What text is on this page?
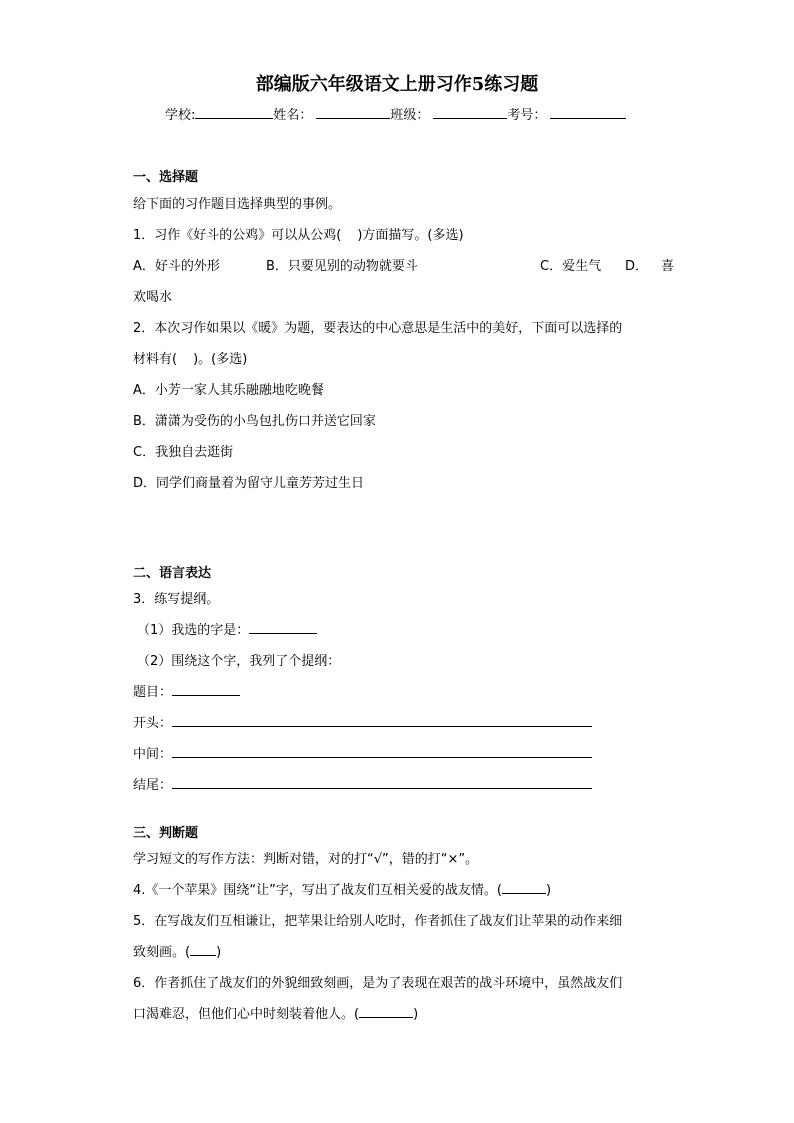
部编版六年级语文上册习作5练习题
学校:	姓名：	班级：	考号：
一、选择题
给下面的习作题目选择典型的事例。
1．习作《好斗的公鸡》可以从公鸡( )方面描写。(多选)
A．好斗的外形	B．只要见别的动物就要斗	C．爱生气 D． 喜
欢喝水
2．本次习作如果以《暖》为题，要表达的中心意思是生活中的美好，下面可以选择的
材料有( )。(多选)
A．小芳一家人其乐融融地吃晚餐
B．潇潇为受伤的小鸟包扎伤口并送它回家
C．我独自去逛街
D．同学们商量着为留守儿童芳芳过生日
二、语言表达
3．练写提纲。
（1）我选的字是：
（2）围绕这个字，我列了个提纲：
题目：
开头：
中间：
结尾：
三、判断题
学习短文的写作方法：判断对错，对的打“√”，错的打“×”。
4.《一个苹果》围绕“让”字，写出了战友们互相关爱的战友情。(	)
5．在写战友们互相谦让，把苹果让给别人吃时，作者抓住了战友们让苹果的动作来细
致刻画。( )
6．作者抓住了战友们的外貌细致刻画，是为了表现在艰苦的战斗环境中，虽然战友们
口渴难忍，但他们心中时刻装着他人。(	)
